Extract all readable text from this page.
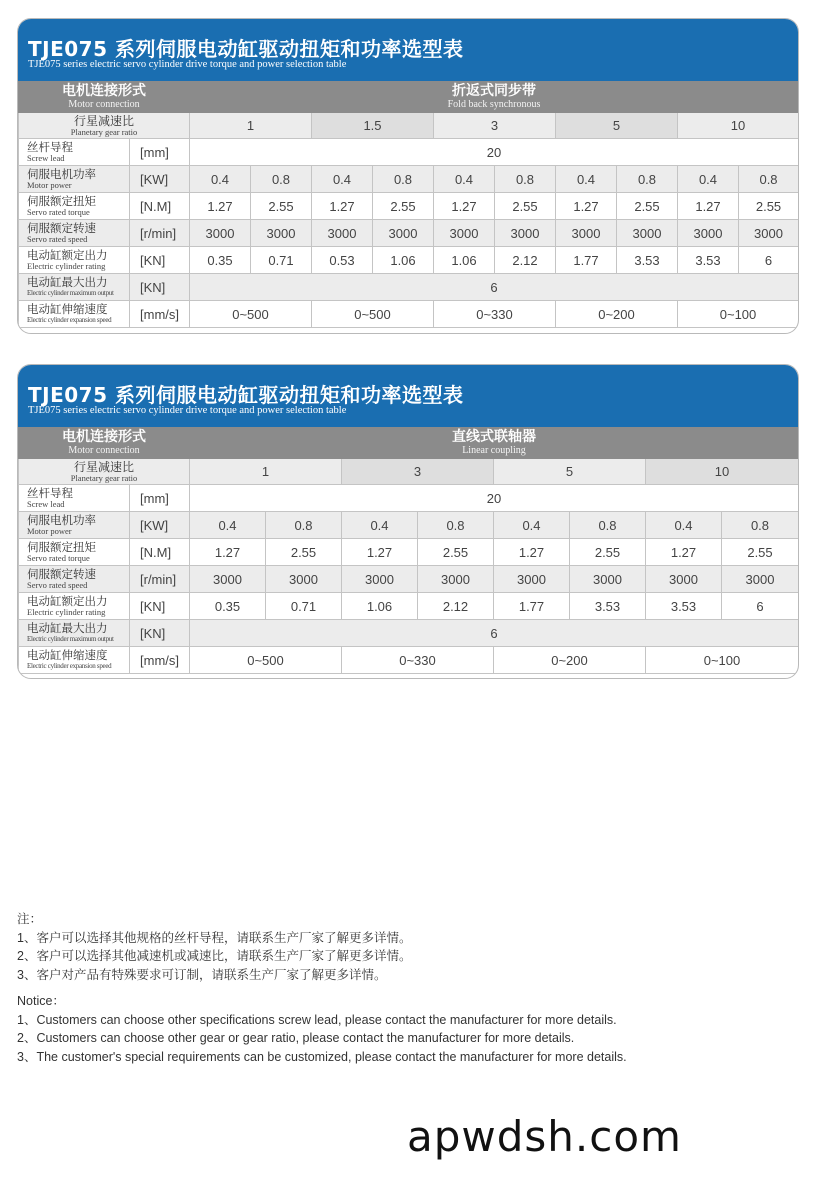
TJE075 系列伺服电动缸驱动扭矩和功率选型表
TJE075 series electric servo cylinder drive torque and power selection table
电机连接形式
Motor connection		折返式同步带
Fold back synchronous									

行星减速比
Planetary gear ratio		1		1.5		3		5		10	

丝杆导程
Screw lead	[mm]	20									

伺服电机功率
Motor power	[KW]	0.4	0.8	0.4	0.8	0.4	0.8	0.4	0.8	0.4	0.8

伺服额定扭矩
Servo rated torque	[N.M]	1.27	2.55	1.27	2.55	1.27	2.55	1.27	2.55	1.27	2.55

伺服额定转速
Servo rated speed	[r/min]	3000	3000	3000	3000	3000	3000	3000	3000	3000	3000

电动缸额定出力
Electric cylinder rating	[KN]	0.35	0.71	0.53	1.06	1.06	2.12	1.77	3.53	3.53	6

电动缸最大出力
Electric cylinder maximum output	[KN]	6									

电动缸伸缩速度
Electric cylinder expansion speed	[mm/s]	0~500		0~500		0~330		0~200		0~100	
TJE075 系列伺服电动缸驱动扭矩和功率选型表
TJE075 series electric servo cylinder drive torque and power selection table
电机连接形式
Motor connection		直线式联轴器
Linear coupling							

行星减速比
Planetary gear ratio		1		3		5		10	

丝杆导程
Screw lead	[mm]	20							

伺服电机功率
Motor power	[KW]	0.4	0.8	0.4	0.8	0.4	0.8	0.4	0.8

伺服额定扭矩
Servo rated torque	[N.M]	1.27	2.55	1.27	2.55	1.27	2.55	1.27	2.55

伺服额定转速
Servo rated speed	[r/min]	3000	3000	3000	3000	3000	3000	3000	3000

电动缸额定出力
Electric cylinder rating	[KN]	0.35	0.71	1.06	2.12	1.77	3.53	3.53	6

电动缸最大出力
Electric cylinder maximum output	[KN]	6							

电动缸伸缩速度
Electric cylinder expansion speed	[mm/s]	0~500		0~330		0~200		0~100	
注：
1、客户可以选择其他规格的丝杆导程，请联系生产厂家了解更多详情。
2、客户可以选择其他减速机或减速比，请联系生产厂家了解更多详情。
3、客户对产品有特殊要求可订制，请联系生产厂家了解更多详情。
Notice：
1、Customers can choose other specifications screw lead, please contact the manufacturer for more details.
2、Customers can choose other gear or gear ratio, please contact the manufacturer for more details.
3、The customer's special requirements can be customized, please contact the manufacturer for more details.
apwdsh.com
